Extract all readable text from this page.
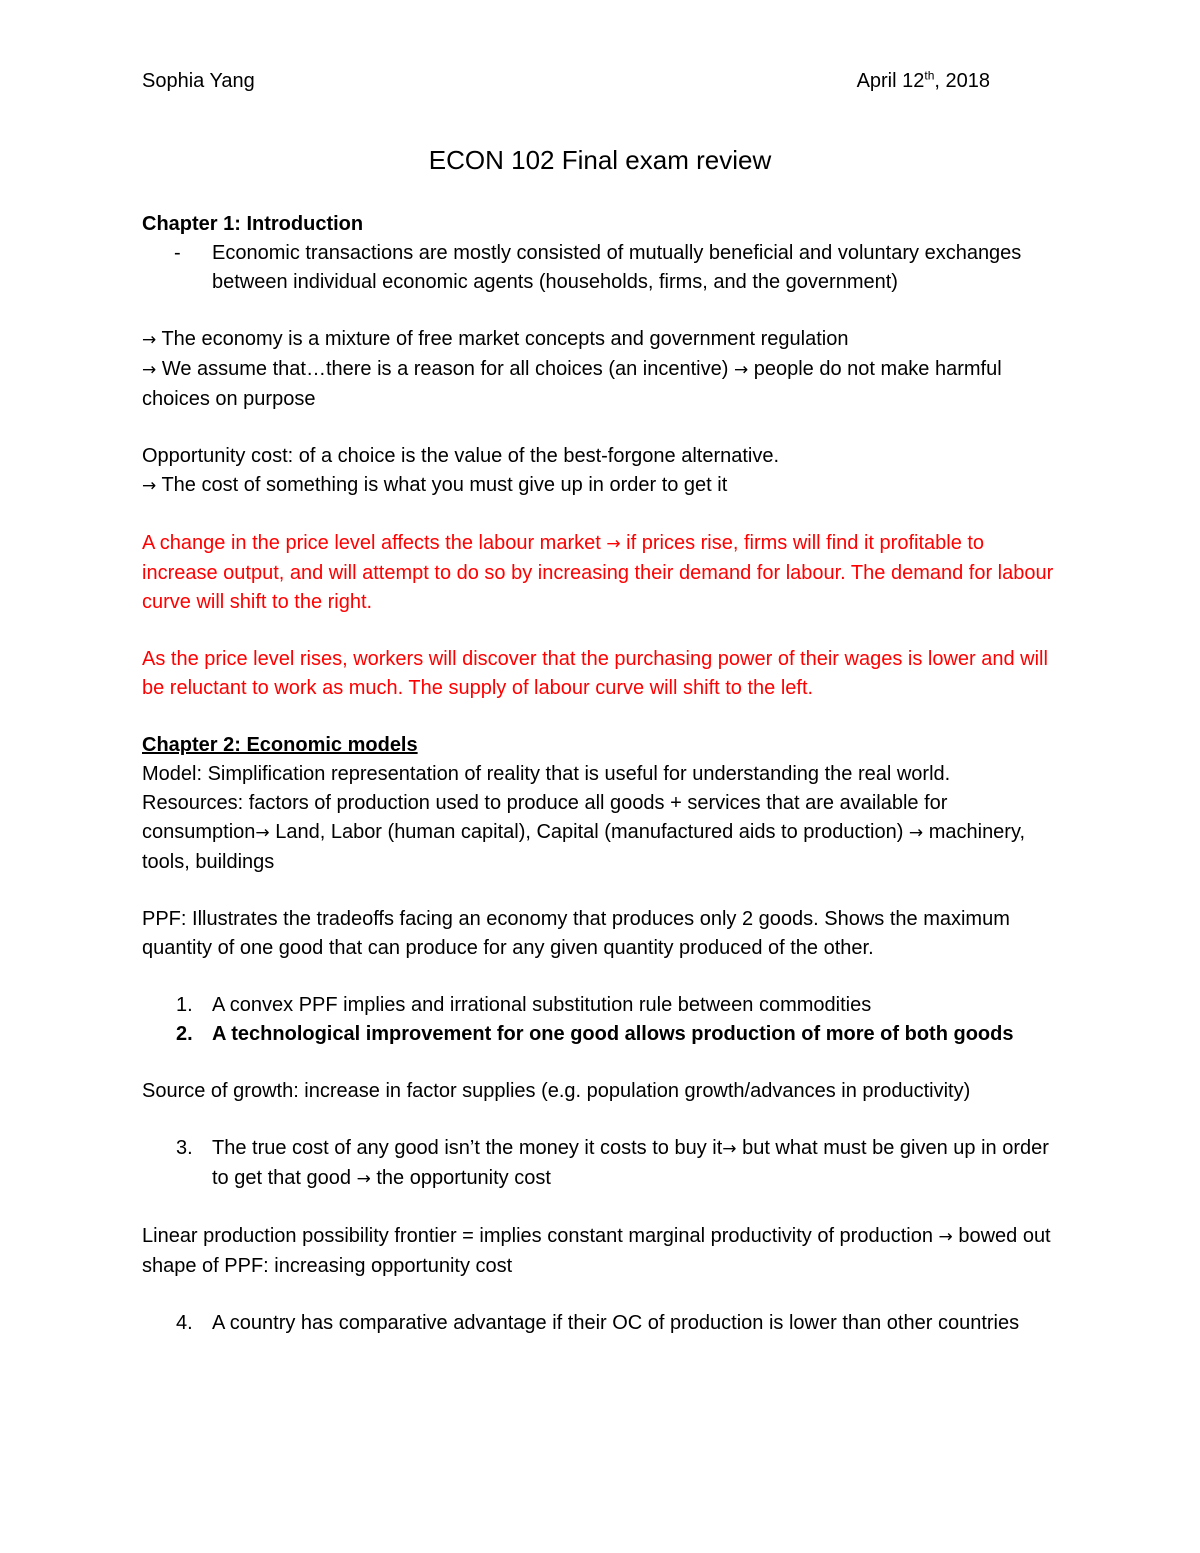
Sophia Yang	April 12th, 2018
ECON 102 Final exam review

Chapter 1: Introduction

- Economic transactions are mostly consisted of mutually beneficial and voluntary exchanges between individual economic agents (households, firms, and the government)

→ The economy is a mixture of free market concepts and government regulation

→ We assume that…there is a reason for all choices (an incentive) → people do not make harmful choices on purpose

Opportunity cost: of a choice is the value of the best-forgone alternative.

→ The cost of something is what you must give up in order to get it

A change in the price level affects the labour market → if prices rise, firms will find it profitable to increase output, and will attempt to do so by increasing their demand for labour. The demand for labour curve will shift to the right.

As the price level rises, workers will discover that the purchasing power of their wages is lower and will be reluctant to work as much. The supply of labour curve will shift to the left.

Chapter 2: Economic models

Model: Simplification representation of reality that is useful for understanding the real world.

Resources: factors of production used to produce all goods + services that are available for consumption→ Land, Labor (human capital), Capital (manufactured aids to production) → machinery, tools, buildings

PPF: Illustrates the tradeoffs facing an economy that produces only 2 goods. Shows the maximum quantity of one good that can produce for any given quantity produced of the other.

1. A convex PPF implies and irrational substitution rule between commodities
2. A technological improvement for one good allows production of more of both goods

Source of growth: increase in factor supplies (e.g. population growth/advances in productivity)

3. The true cost of any good isn’t the money it costs to buy it→ but what must be given up in order to get that good → the opportunity cost

Linear production possibility frontier = implies constant marginal productivity of production → bowed out shape of PPF: increasing opportunity cost

4. A country has comparative advantage if their OC of production is lower than other countries
